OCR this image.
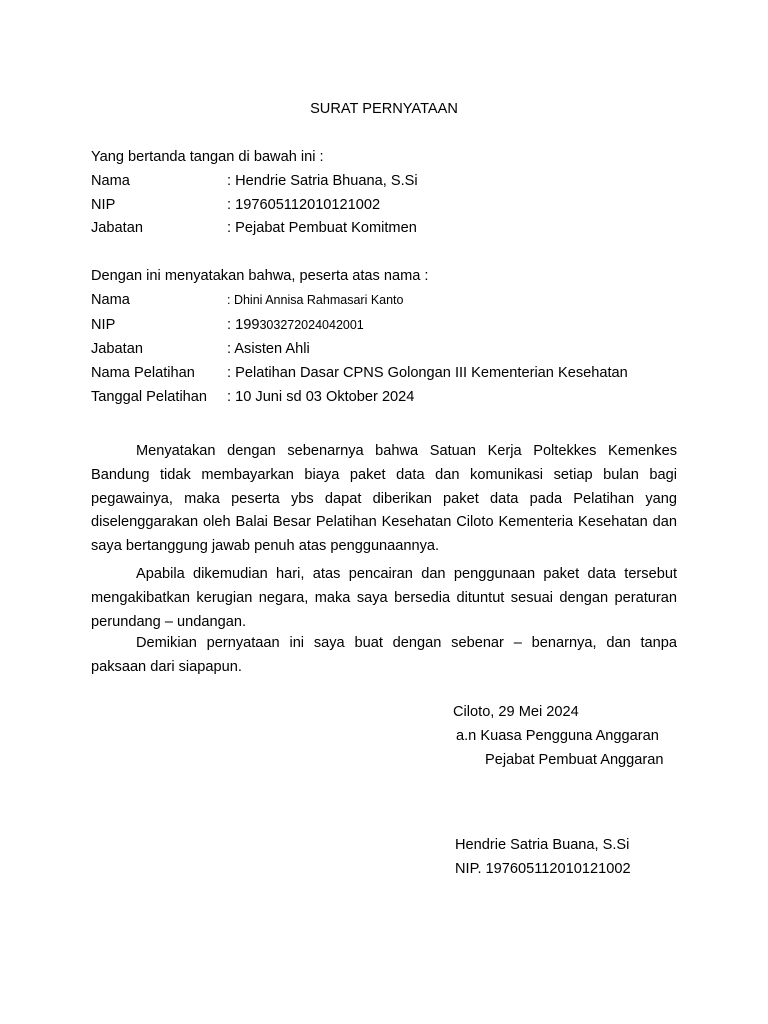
SURAT PERNYATAAN
Yang bertanda tangan di bawah ini :
Nama	: Hendrie Satria Bhuana, S.Si
NIP	: 197605112010121002
Jabatan	: Pejabat Pembuat Komitmen
Dengan ini menyatakan bahwa, peserta atas nama :
Nama	: Dhini Annisa Rahmasari Kanto
NIP	: 199303272024042001
Jabatan	: Asisten Ahli
Nama Pelatihan : Pelatihan Dasar CPNS Golongan III Kementerian Kesehatan
Tanggal Pelatihan : 10 Juni sd 03 Oktober 2024

Menyatakan dengan sebenarnya bahwa Satuan Kerja Poltekkes Kemenkes Bandung tidak membayarkan biaya paket data dan komunikasi setiap bulan bagi pegawainya, maka peserta ybs dapat diberikan paket data pada Pelatihan yang diselenggarakan oleh Balai Besar Pelatihan Kesehatan Ciloto Kementeria Kesehatan dan saya bertanggung jawab penuh atas penggunaannya.

Apabila dikemudian hari, atas pencairan dan penggunaan paket data tersebut mengakibatkan kerugian negara, maka saya bersedia dituntut sesuai dengan peraturan perundang – undangan.

Demikian pernyataan ini saya buat dengan sebenar – benarnya, dan tanpa paksaan dari siapapun.

Ciloto, 29 Mei 2024
a.n Kuasa Pengguna Anggaran
Pejabat Pembuat Anggaran
Hendrie Satria Buana, S.Si
NIP. 197605112010121002
